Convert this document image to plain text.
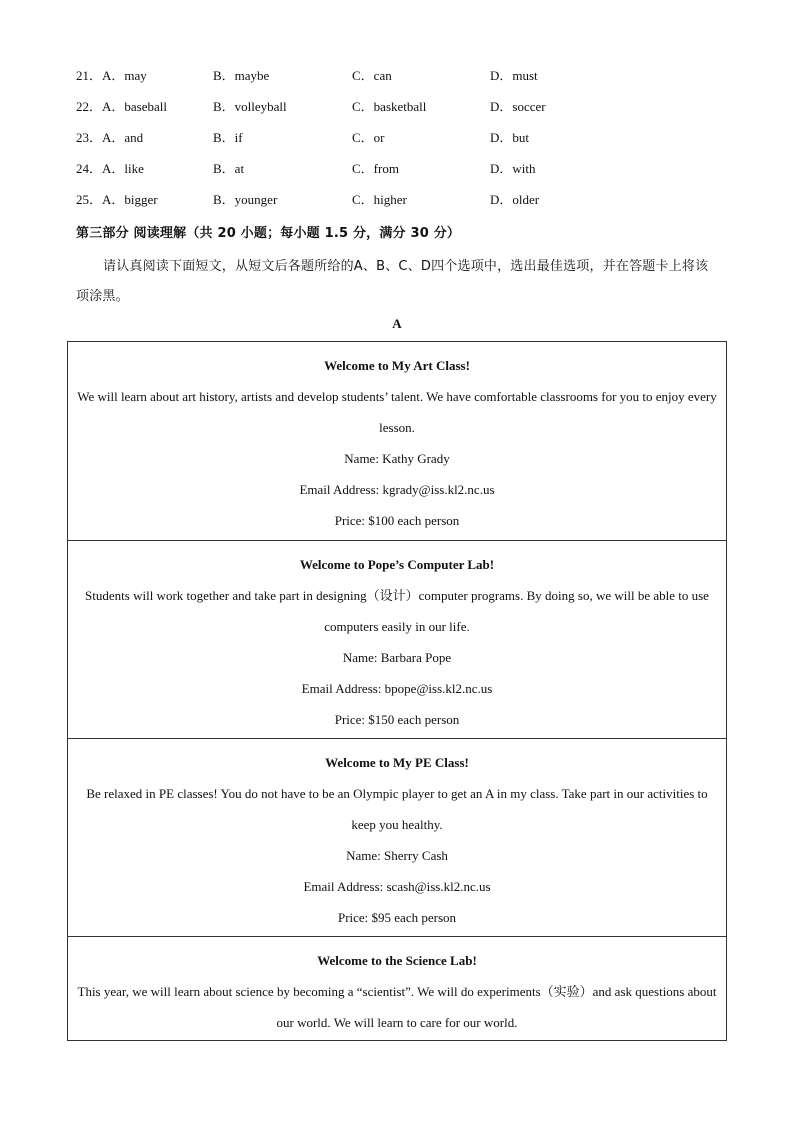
21．A．may	B．maybe	C．can	D．must
22．A．baseball	B．volleyball	C．basketball	D．soccer
23．A．and	B．if	C．or	D．but
24．A．like	B．at	C．from	D．with
25．A．bigger	B．younger	C．higher	D．older
第三部分 阅读理解（共 20 小题；每小题 1.5 分，满分 30 分）
请认真阅读下面短文，从短文后各题所给的A、B、C、D四个选项中，选出最佳选项，并在答题卡上将该项涂黑。
A

Welcome to My Art Class!

We will learn about art history, artists and develop students’ talent. We have comfortable classrooms for you to enjoy every lesson.

Name: Kathy Grady

Email Address: kgrady@iss.kl2.nc.us

Price: $100 each person

Welcome to Pope’s Computer Lab!

Students will work together and take part in designing（设计）computer programs. By doing so, we will be able to use computers easily in our life.

Name: Barbara Pope

Email Address: bpope@iss.kl2.nc.us

Price: $150 each person

Welcome to My PE Class!

Be relaxed in PE classes! You do not have to be an Olympic player to get an A in my class. Take part in our activities to keep you healthy.

Name: Sherry Cash

Email Address: scash@iss.kl2.nc.us

Price: $95 each person

Welcome to the Science Lab!

This year, we will learn about science by becoming a “scientist”. We will do experiments（实验）and ask questions about our world. We will learn to care for our world.
